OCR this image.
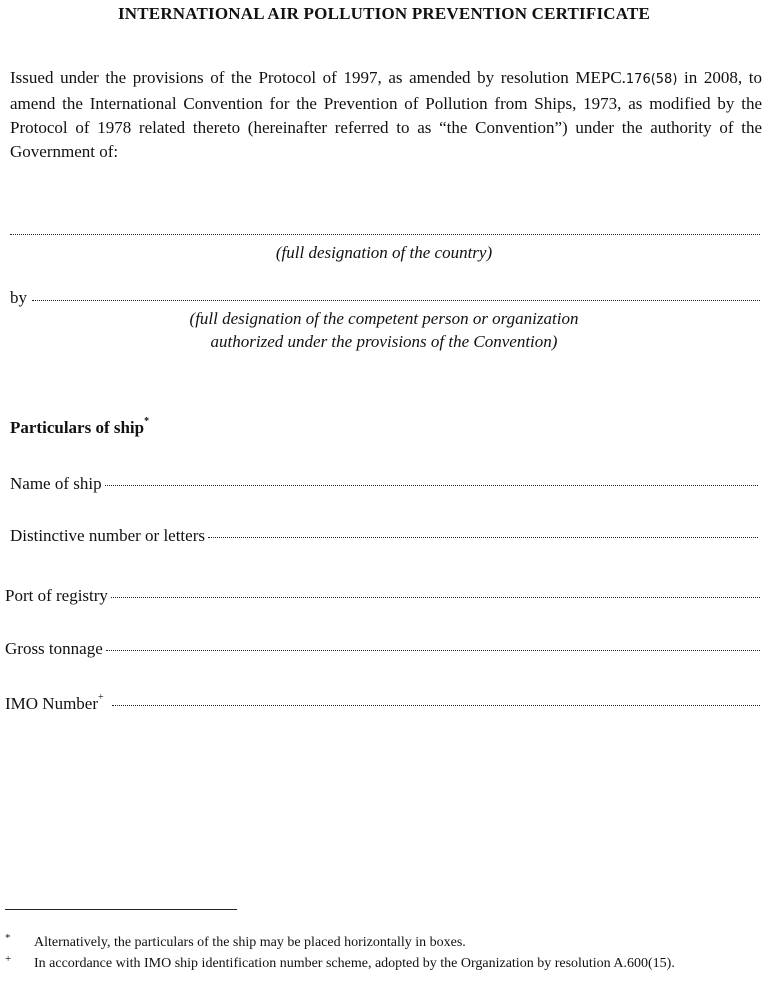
INTERNATIONAL AIR POLLUTION PREVENTION CERTIFICATE
Issued under the provisions of the Protocol of 1997, as amended by resolution MEPC.176(58) in 2008, to amend the International Convention for the Prevention of Pollution from Ships, 1973, as modified by the Protocol of 1978 related thereto (hereinafter referred to as “the Convention”) under the authority of the Government of:
(full designation of the country)
by
(full designation of the competent person or organization
authorized under the provisions of the Convention)
Particulars of ship*
Name of ship
Distinctive number or letters
Port of registry
Gross tonnage
IMO Number+
* Alternatively, the particulars of the ship may be placed horizontally in boxes.
+ In accordance with IMO ship identification number scheme, adopted by the Organization by resolution A.600(15).
